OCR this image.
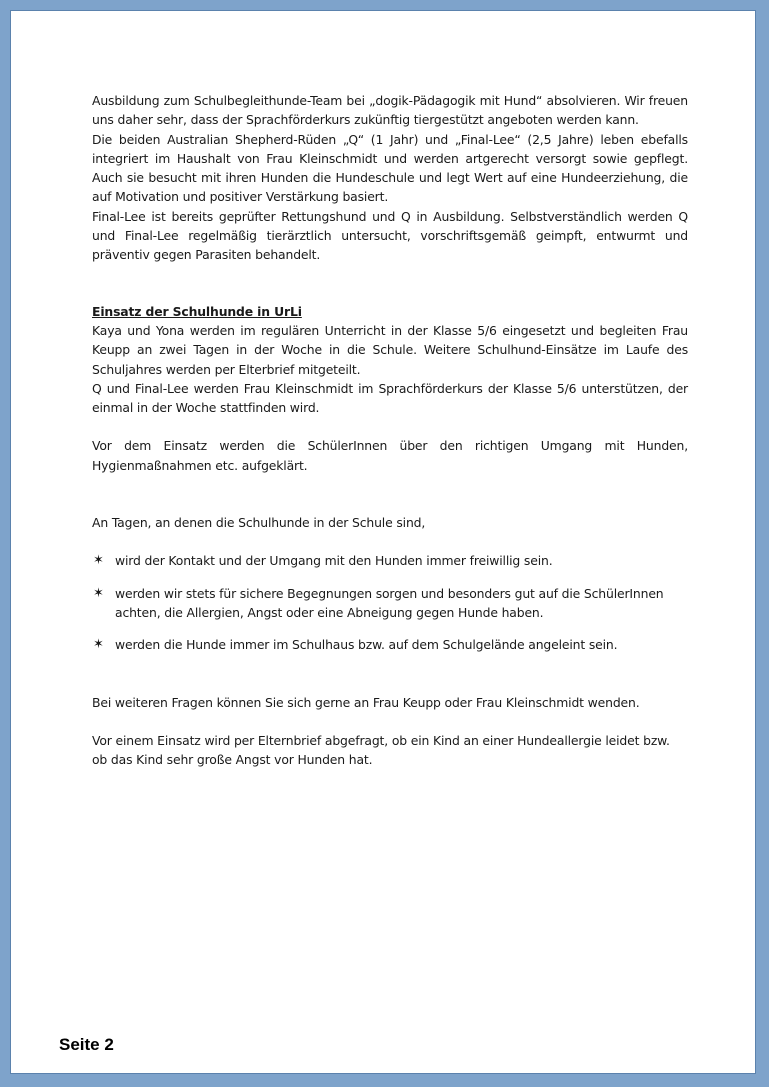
Ausbildung zum Schulbegleithunde-Team bei „dogik-Pädagogik mit Hund“ absolvieren. Wir freuen uns daher sehr, dass der Sprachförderkurs zukünftig tiergestützt angeboten werden kann.

Die beiden Australian Shepherd-Rüden „Q“ (1 Jahr) und „Final-Lee“ (2,5 Jahre) leben ebefalls integriert im Haushalt von Frau Kleinschmidt und werden artgerecht versorgt sowie gepflegt. Auch sie besucht mit ihren Hunden die Hundeschule und legt Wert auf eine Hundeerziehung, die auf Motivation und positiver Verstärkung basiert.

Final-Lee ist bereits geprüfter Rettungshund und Q in Ausbildung. Selbstverständlich werden Q und Final-Lee regelmäßig tierärztlich untersucht, vorschriftsgemäß geimpft, entwurmt und präventiv gegen Parasiten behandelt.

Einsatz der Schulhunde in UrLi

Kaya und Yona werden im regulären Unterricht in der Klasse 5/6 eingesetzt und begleiten Frau Keupp an zwei Tagen in der Woche in die Schule. Weitere Schulhund-Einsätze im Laufe des Schuljahres werden per Elterbrief mitgeteilt.

Q und Final-Lee werden Frau Kleinschmidt im Sprachförderkurs der Klasse 5/6 unterstützen, der einmal in der Woche stattfinden wird.

Vor dem Einsatz werden die SchülerInnen über den richtigen Umgang mit Hunden, Hygienmaßnahmen etc. aufgeklärt.

An Tagen, an denen die Schulhunde in der Schule sind,

✶ wird der Kontakt und der Umgang mit den Hunden immer freiwillig sein.
✶ werden wir stets für sichere Begegnungen sorgen und besonders gut auf die SchülerInnen achten, die Allergien, Angst oder eine Abneigung gegen Hunde haben.
✶ werden die Hunde immer im Schulhaus bzw. auf dem Schulgelände angeleint sein.

Bei weiteren Fragen können Sie sich gerne an Frau Keupp oder Frau Kleinschmidt wenden.

Vor einem Einsatz wird per Elternbrief abgefragt, ob ein Kind an einer Hundeallergie leidet bzw. ob das Kind sehr große Angst vor Hunden hat.

Seite 2
